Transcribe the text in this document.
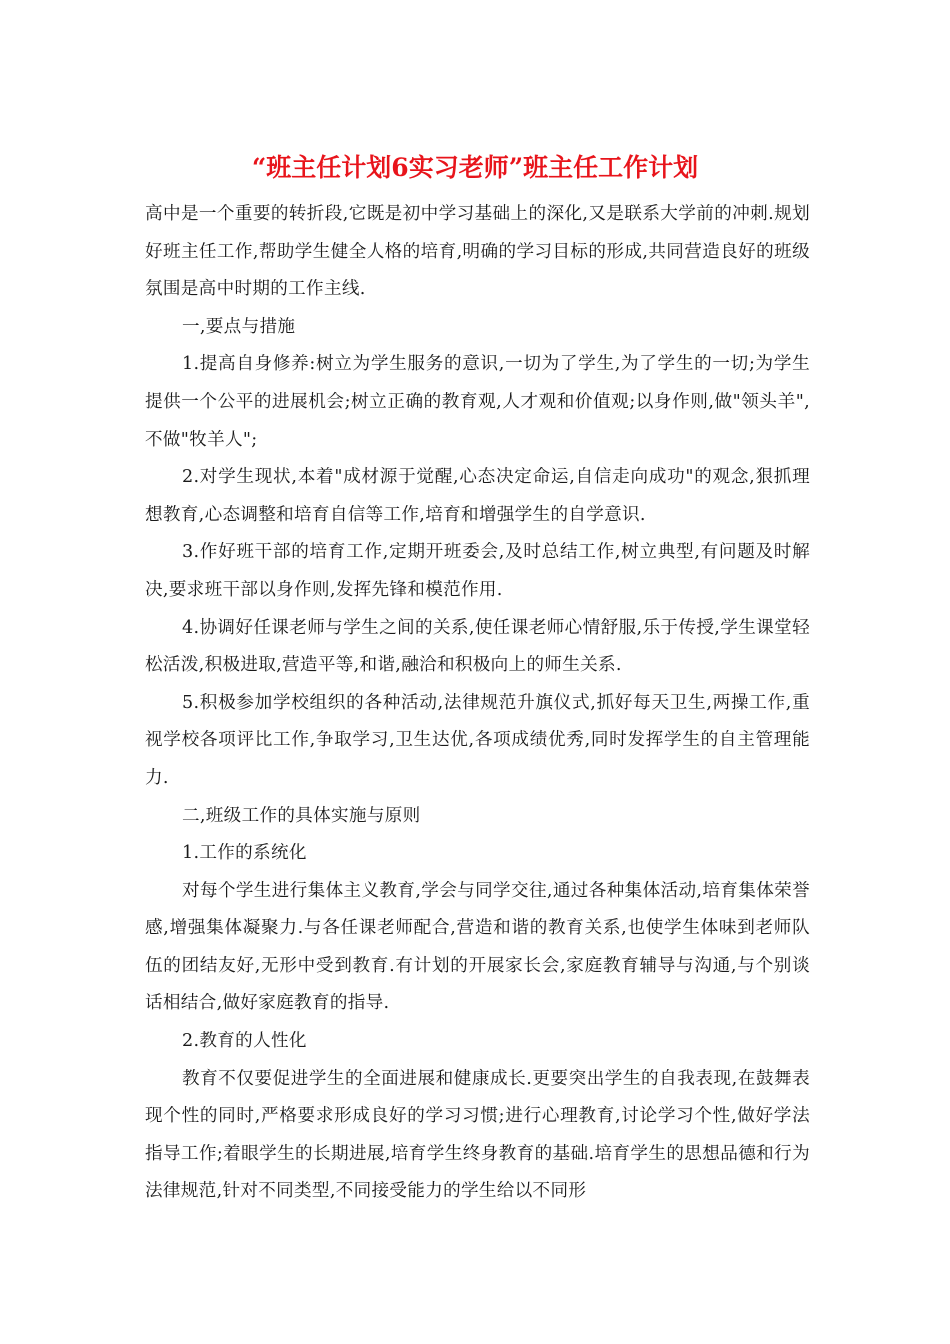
“班主任计划6实习老师”班主任工作计划

高中是一个重要的转折段,它既是初中学习基础上的深化,又是联系大学前的冲刺.规划好班主任工作,帮助学生健全人格的培育,明确的学习目标的形成,共同营造良好的班级氛围是高中时期的工作主线.

一,要点与措施

1.提高自身修养:树立为学生服务的意识,一切为了学生,为了学生的一切;为学生提供一个公平的进展机会;树立正确的教育观,人才观和价值观;以身作则,做"领头羊",不做"牧羊人";

2.对学生现状,本着"成材源于觉醒,心态决定命运,自信走向成功"的观念,狠抓理想教育,心态调整和培育自信等工作,培育和增强学生的自学意识.

3.作好班干部的培育工作,定期开班委会,及时总结工作,树立典型,有问题及时解决,要求班干部以身作则,发挥先锋和模范作用.

4.协调好任课老师与学生之间的关系,使任课老师心情舒服,乐于传授,学生课堂轻松活泼,积极进取,营造平等,和谐,融洽和积极向上的师生关系.

5.积极参加学校组织的各种活动,法律规范升旗仪式,抓好每天卫生,两操工作,重视学校各项评比工作,争取学习,卫生达优,各项成绩优秀,同时发挥学生的自主管理能力.

二,班级工作的具体实施与原则

1.工作的系统化

对每个学生进行集体主义教育,学会与同学交往,通过各种集体活动,培育集体荣誉感,增强集体凝聚力.与各任课老师配合,营造和谐的教育关系,也使学生体味到老师队伍的团结友好,无形中受到教育.有计划的开展家长会,家庭教育辅导与沟通,与个别谈话相结合,做好家庭教育的指导.

2.教育的人性化

教育不仅要促进学生的全面进展和健康成长.更要突出学生的自我表现,在鼓舞表现个性的同时,严格要求形成良好的学习习惯;进行心理教育,讨论学习个性,做好学法指导工作;着眼学生的长期进展,培育学生终身教育的基础.培育学生的思想品德和行为法律规范,针对不同类型,不同接受能力的学生给以不同形
